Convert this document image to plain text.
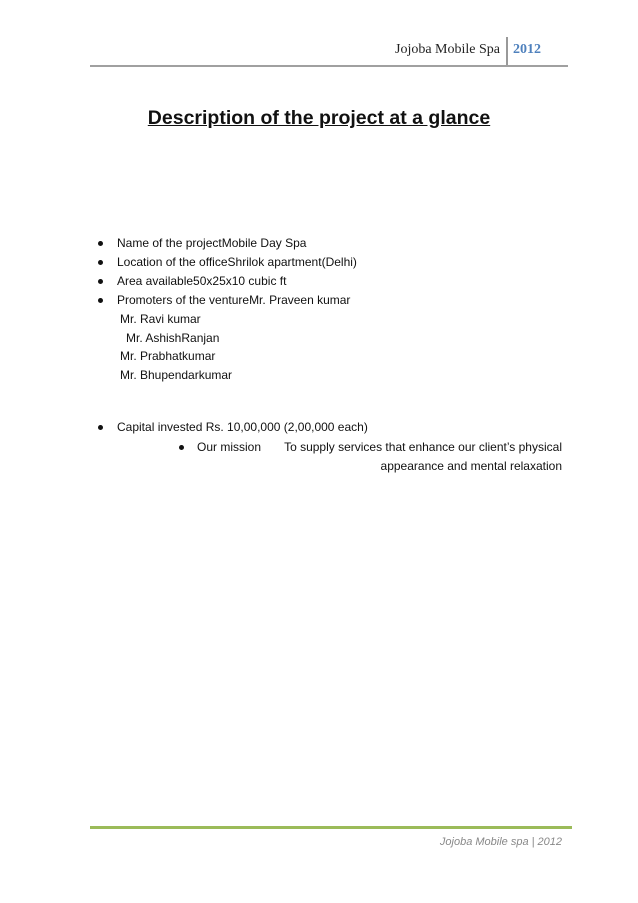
Jojoba Mobile Spa 2012
Description of the project at a glance
Name of the projectMobile Day Spa
Location of the officeShrilok apartment(Delhi)
Area available50x25x10 cubic ft
Promoters of the ventureMr. Praveen kumar
Mr. Ravi kumar
Mr. AshishRanjan
Mr. Prabhatkumar
Mr. Bhupendarkumar
Capital invested Rs. 10,00,000 (2,00,000 each)
Our mission To supply services that enhance our client’s physical
appearance and mental relaxation
Jojoba Mobile spa | 2012
